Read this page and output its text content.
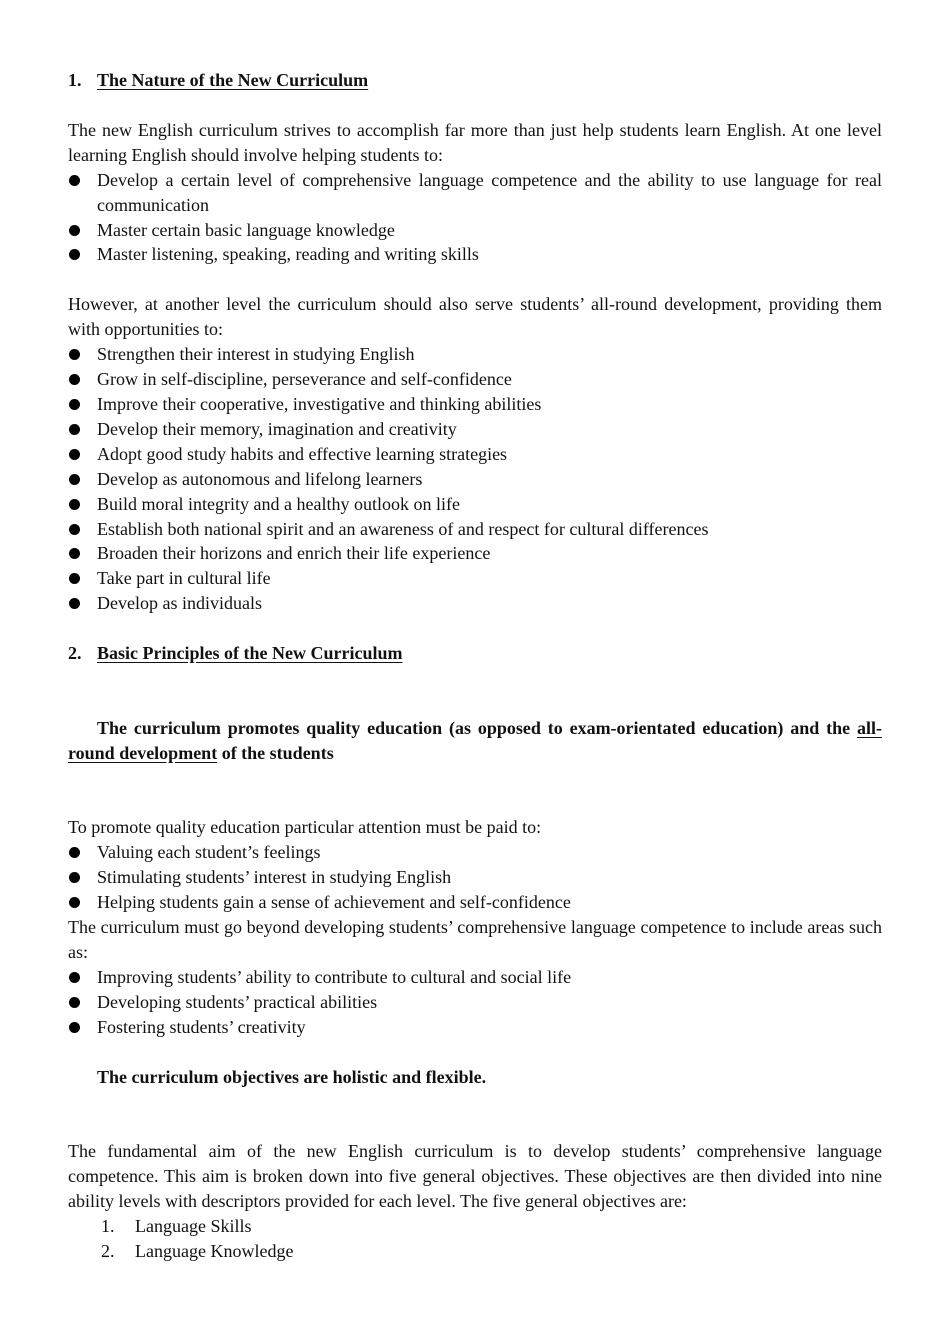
1. The Nature of the New Curriculum

The new English curriculum strives to accomplish far more than just help students learn English. At one level learning English should involve helping students to:

Develop a certain level of comprehensive language competence and the ability to use language for real communication
Master certain basic language knowledge
Master listening, speaking, reading and writing skills

However, at another level the curriculum should also serve students’ all-round development, providing them with opportunities to:

Strengthen their interest in studying English
Grow in self-discipline, perseverance and self-confidence
Improve their cooperative, investigative and thinking abilities
Develop their memory, imagination and creativity
Adopt good study habits and effective learning strategies
Develop as autonomous and lifelong learners
Build moral integrity and a healthy outlook on life
Establish both national spirit and an awareness of and respect for cultural differences
Broaden their horizons and enrich their life experience
Take part in cultural life
Develop as individuals
2. Basic Principles of the New Curriculum

The curriculum promotes quality education (as opposed to exam-orientated education) and the all-round development of the students

To promote quality education particular attention must be paid to:

Valuing each student’s feelings
Stimulating students’ interest in studying English
Helping students gain a sense of achievement and self-confidence

The curriculum must go beyond developing students’ comprehensive language competence to include areas such as:

Improving students’ ability to contribute to cultural and social life
Developing students’ practical abilities
Fostering students’ creativity

The curriculum objectives are holistic and flexible.

The fundamental aim of the new English curriculum is to develop students’ comprehensive language competence. This aim is broken down into five general objectives. These objectives are then divided into nine ability levels with descriptors provided for each level. The five general objectives are:

1.	Language Skills
2.	Language Knowledge
